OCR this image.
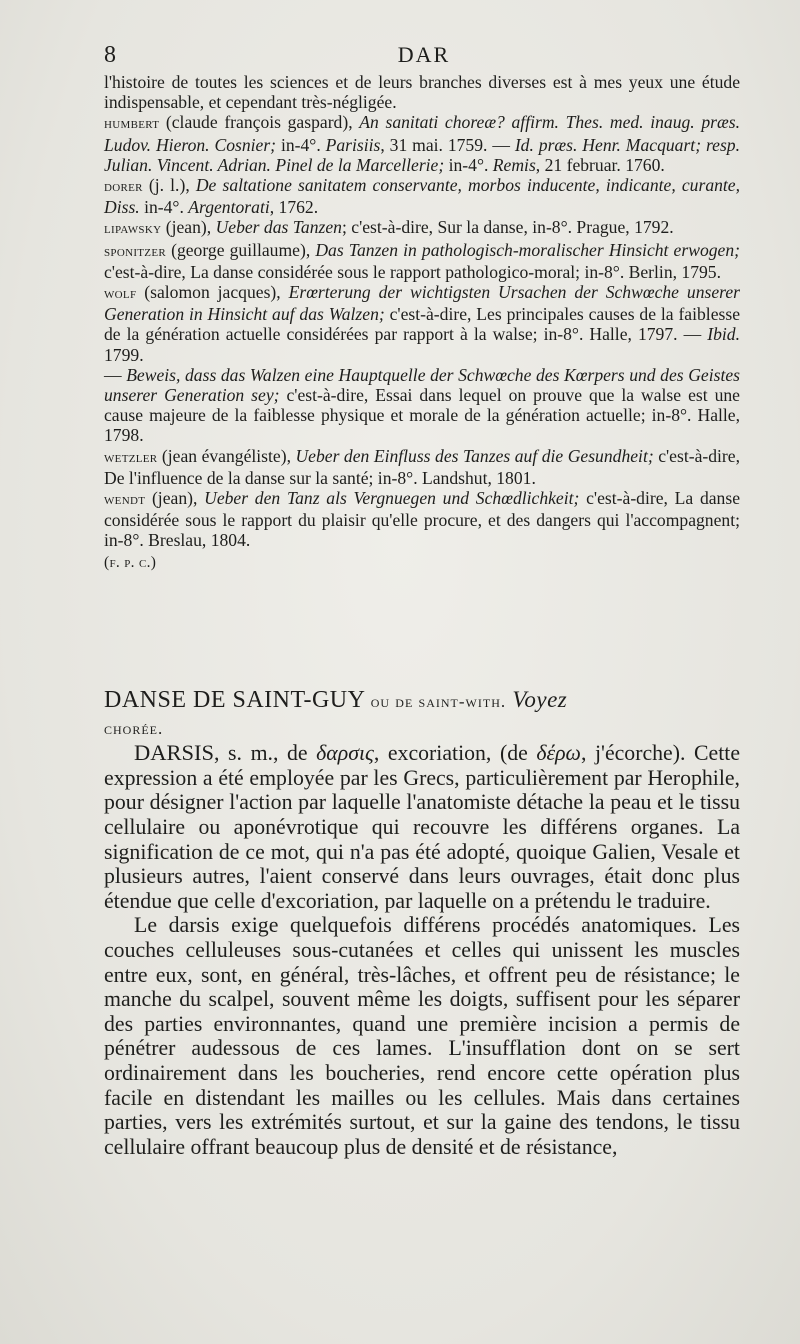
8	DAR

l'histoire de toutes les sciences et de leurs branches diverses est à mes yeux une étude indispensable, et cependant très-négligée.

humbert (claude françois gaspard), An sanitati choreæ? affirm. Thes. med. inaug. præs. Ludov. Hieron. Cosnier; in-4°. Parisiis, 31 mai. 1759. — Id. præs. Henr. Macquart; resp. Julian. Vincent. Adrian. Pinel de la Marcellerie; in-4°. Remis, 21 februar. 1760.

dorer (j. l.), De saltatione sanitatem conservante, morbos inducente, indicante, curante, Diss. in-4°. Argentorati, 1762.

lipawsky (jean), Ueber das Tanzen; c'est-à-dire, Sur la danse, in-8°. Prague, 1792.

sponitzer (george guillaume), Das Tanzen in pathologisch-moralischer Hinsicht erwogen; c'est-à-dire, La danse considérée sous le rapport pathologico-moral; in-8°. Berlin, 1795.

wolf (salomon jacques), Erœrterung der wichtigsten Ursachen der Schwœche unserer Generation in Hinsicht auf das Walzen; c'est-à-dire, Les principales causes de la faiblesse de la génération actuelle considérées par rapport à la walse; in-8°. Halle, 1797. — Ibid. 1799.

— Beweis, dass das Walzen eine Hauptquelle der Schwœche des Kœrpers und des Geistes unserer Generation sey; c'est-à-dire, Essai dans lequel on prouve que la walse est une cause majeure de la faiblesse physique et morale de la génération actuelle; in-8°. Halle, 1798.

wetzler (jean évangéliste), Ueber den Einfluss des Tanzes auf die Gesundheit; c'est-à-dire, De l'influence de la danse sur la santé; in-8°. Landshut, 1801.

wendt (jean), Ueber den Tanz als Vergnuegen und Schœdlichkeit; c'est-à-dire, La danse considérée sous le rapport du plaisir qu'elle procure, et des dangers qui l'accompagnent; in-8°. Breslau, 1804.

(f. p. c.)

DANSE DE SAINT-GUY ou de saint-with. Voyez
chorée.

DARSIS, s. m., de δαρσις, excoriation, (de δέρω, j'écorche). Cette expression a été employée par les Grecs, particulièrement par Herophile, pour désigner l'action par laquelle l'anatomiste détache la peau et le tissu cellulaire ou aponévrotique qui recouvre les différens organes. La signification de ce mot, qui n'a pas été adopté, quoique Galien, Vesale et plusieurs autres, l'aient conservé dans leurs ouvrages, était donc plus étendue que celle d'excoriation, par laquelle on a prétendu le traduire.

Le darsis exige quelquefois différens procédés anatomiques. Les couches celluleuses sous-cutanées et celles qui unissent les muscles entre eux, sont, en général, très-lâches, et offrent peu de résistance; le manche du scalpel, souvent même les doigts, suffisent pour les séparer des parties environnantes, quand une première incision a permis de pénétrer audessous de ces lames. L'insufflation dont on se sert ordinairement dans les boucheries, rend encore cette opération plus facile en distendant les mailles ou les cellules. Mais dans certaines parties, vers les extrémités surtout, et sur la gaine des tendons, le tissu cellulaire offrant beaucoup plus de densité et de résistance,
